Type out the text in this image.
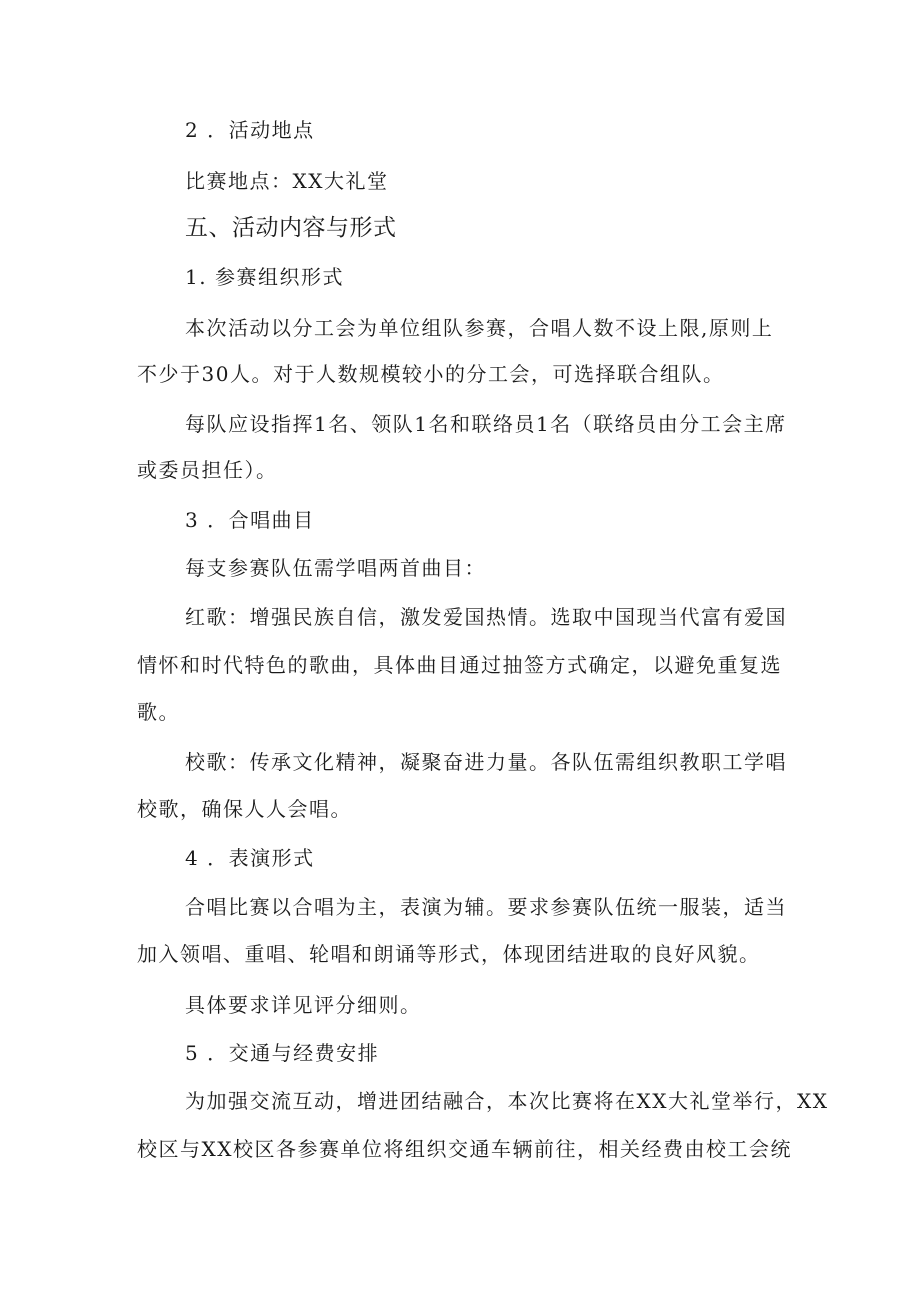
2 ．活动地点
比赛地点：XX大礼堂
五、活动内容与形式
1. 参赛组织形式
本次活动以分工会为单位组队参赛，合唱人数不设上限,原则上
不少于30人。对于人数规模较小的分工会，可选择联合组队。
每队应设指挥1名、领队1名和联络员1名（联络员由分工会主席
或委员担任）。
3 ．合唱曲目
每支参赛队伍需学唱两首曲目：
红歌：增强民族自信，激发爱国热情。选取中国现当代富有爱国
情怀和时代特色的歌曲，具体曲目通过抽签方式确定，以避免重复选
歌。
校歌：传承文化精神，凝聚奋进力量。各队伍需组织教职工学唱
校歌，确保人人会唱。
4 ．表演形式
合唱比赛以合唱为主，表演为辅。要求参赛队伍统一服装，适当
加入领唱、重唱、轮唱和朗诵等形式，体现团结进取的良好风貌。
具体要求详见评分细则。
5 ．交通与经费安排
为加强交流互动，增进团结融合，本次比赛将在XX大礼堂举行，XX
校区与XX校区各参赛单位将组织交通车辆前往，相关经费由校工会统
